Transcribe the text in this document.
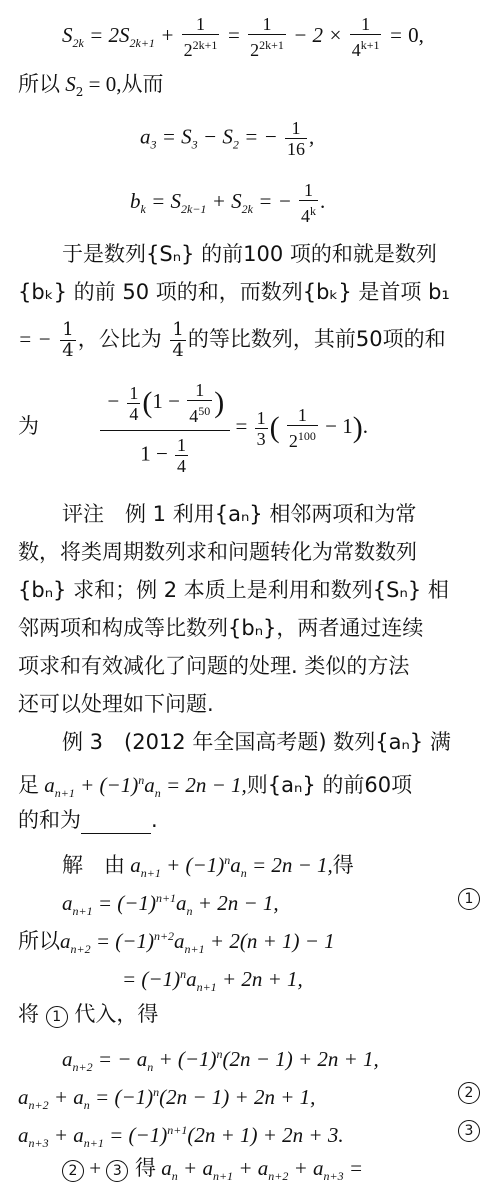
$S_{2k} = 2S_{2k+1} + \frac{1}{2^{2k+1}} = \frac{1}{2^{2k+1}} - 2 \times \frac{1}{4^{k+1}} = 0$,
所以 $S_2 = 0$,从而
$a_3 = S_3 - S_2$ = − $\frac{1}{16}$ ,
$b_k = S_{2k-1} + S_{2k}$ = − $\frac{1}{4^k}$ .
于是数列{Sₙ} 的前100 项的和就是数列
{bₖ} 的前 50 项的和，而数列{bₖ} 是首项 b₁
= − $\frac{1}{4}$ ，公比为 $\frac{1}{4}$ 的等比数列，其前50项的和
为	$\frac{- \frac{1}{4} (1 - \frac{1}{4^{50}} )}{1 - \frac{1}{4}} = \frac{1}{3}$ ( $\frac{1}{2^{100}} - 1$).
评注　例 1 利用{aₙ} 相邻两项和为常
数，将类周期数列求和问题转化为常数数列
{bₙ} 求和；例 2 本质上是利用和数列{Sₙ} 相
邻两项和构成等比数列{bₙ}，两者通过连续
项求和有效减化了问题的处理. 类似的方法
还可以处理如下问题.
例 3　(2012 年全国高考题) 数列{aₙ} 满
足 $a_{n+1} + (-1)^na_n = 2n - 1$,则{aₙ} 的前60项
的和为	.
解　由 $a_{n+1} + (-1)^na_n = 2n - 1$,得
$a_{n+1} = (-1)^{n+1}a_n + 2n - 1$,	1
所以$a_{n+2} = (-1)^{n+2}a_{n+1} + 2(n + 1) - 1$
= $(-1)^na_{n+1} + 2n + 1$,
将 1 代入，得
$a_{n+2}$ = − $a_n + (-1)^n(2n - 1) + 2n + 1$,
$a_{n+2} + a_n = (-1)^n(2n - 1) + 2n + 1$,	2
$a_{n+3} + a_{n+1} = (-1)^{n+1}(2n + 1) + 2n + 3$.	3
2 + 3 得 $a_n + a_{n+1} + a_{n+2} + a_{n+3}$ =
